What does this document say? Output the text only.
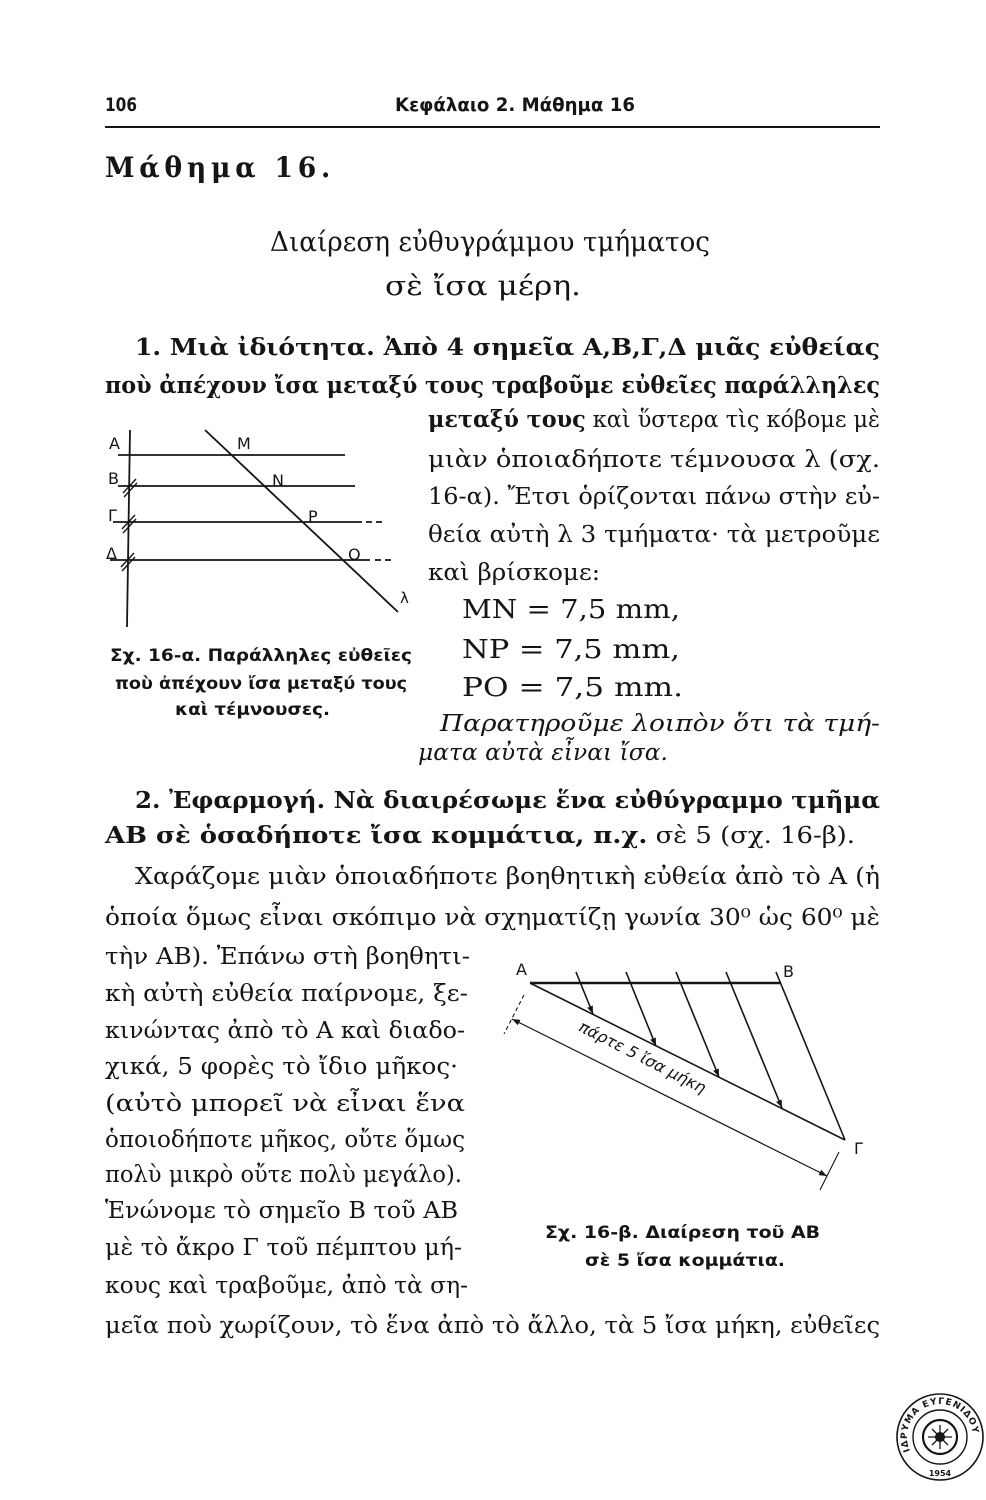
106	Κεφάλαιο 2. Μάθημα 16
Μάθημα 16.
Διαίρεση εὐθυγράμμου τμήματος
σὲ ἴσα μέρη.
1. Μιὰ ἰδιότητα. Ἀπὸ 4 σημεῖα Α,Β,Γ,Δ μιᾶς εὐθείας
ποὺ ἀπέχουν ἴσα μεταξύ τους τραβοῦμε εὐθεῖες παράλληλες
μεταξύ τους καὶ ὕστερα τὶς κόβομε μὲ
μιὰν ὁποιαδήποτε τέμνουσα λ (σχ.
16-α). Ἔτσι ὁρίζονται πάνω στὴν εὐ-
θεία αὐτὴ λ 3 τμήματα· τὰ μετροῦμε
καὶ βρίσκομε:
ΜΝ = 7,5 mm,
ΝΡ = 7,5 mm,
ΡΟ = 7,5 mm.
Παρατηροῦμε λοιπὸν ὅτι τὰ τμή-
ματα αὐτὰ εἶναι ἴσα.
Α
Β
Γ
Δ
Μ
Ν
Ρ
Ο
λ
Σχ. 16-α. Παράλληλες εὐθεῖες
ποὺ ἀπέχουν ἴσα μεταξύ τους
καὶ τέμνουσες.
2. Ἐφαρμογή. Νὰ διαιρέσωμε ἕνα εὐθύγραμμο τμῆμα
ΑΒ σὲ ὁσαδήποτε ἴσα κομμάτια, π.χ. σὲ 5 (σχ. 16-β).
Χαράζομε μιὰν ὁποιαδήποτε βοηθητικὴ εὐθεία ἀπὸ τὸ Α (ἡ
ὁποία ὅμως εἶναι σκόπιμο νὰ σχηματίζῃ γωνία 30⁰ ὡς 60⁰ μὲ
τὴν ΑΒ). Ἐπάνω στὴ βοηθητι-
κὴ αὐτὴ εὐθεία παίρνομε, ξε-
κινώντας ἀπὸ τὸ Α καὶ διαδο-
χικά, 5 φορὲς τὸ ἴδιο μῆκος·
(αὐτὸ μπορεῖ νὰ εἶναι ἕνα
ὁποιοδήποτε μῆκος, οὔτε ὅμως
πολὺ μικρὸ οὔτε πολὺ μεγάλο).
Ἑνώνομε τὸ σημεῖο Β τοῦ ΑΒ
μὲ τὸ ἄκρο Γ τοῦ πέμπτου μή-
κους καὶ τραβοῦμε, ἀπὸ τὰ ση-
μεῖα ποὺ χωρίζουν, τὸ ἕνα ἀπὸ τὸ ἄλλο, τὰ 5 ἴσα μήκη, εὐθεῖες
Α	Β
Γ
πάρτε 5 ἴσα μήκη
Σχ. 16-β. Διαίρεση τοῦ ΑΒ
σὲ 5 ἴσα κομμάτια.
ΙΔΡΥΜΑ ΕΥΓΕΝΙΔΟΥ
1954
